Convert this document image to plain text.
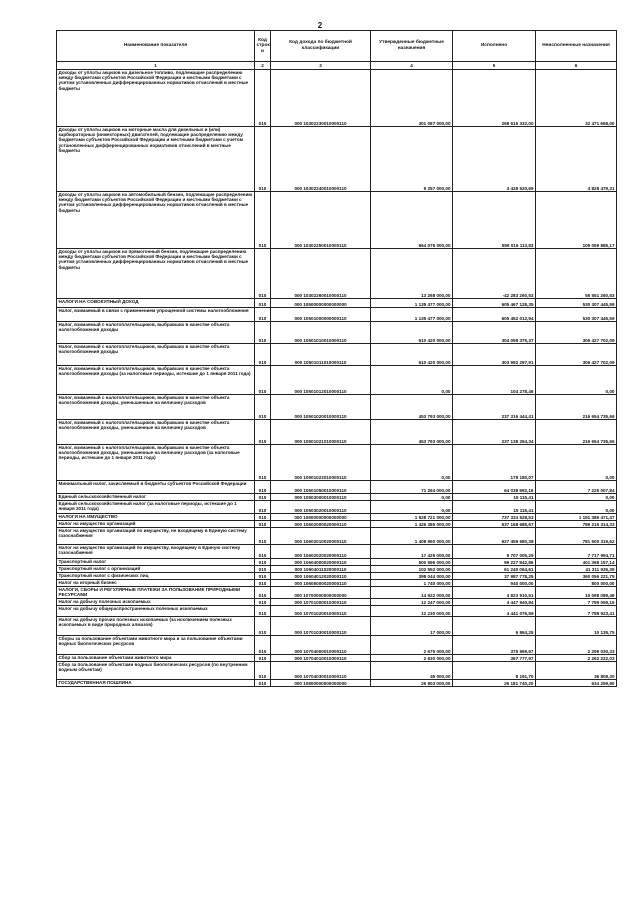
2
Наименование показателя	Код строк и	Код дохода по бюджетной классификации	Утвержденные бюджетные назначения	Исполнено	Неисполненные назначения
1	2	3	4	5	6
Доходы от уплаты акцизов на дизельное топливо, подлежащие распределению между бюджетами субъектов Российской Федерации и местными бюджетами с учетом установленных дифференцированных нормативов отчислений в местные бюджеты	010	000 10302230010000110	301 087 000,00	268 615 332,00	32 471 668,00
Доходы от уплаты акцизов на моторные масла для дизельных и (или) карбюраторных (инжекторных) двигателей, подлежащие распределению между бюджетами субъектов Российской Федерации и местными бюджетами с учетом установленных дифференцированных нормативов отчислений в местные бюджеты	010	000 10302240010000110	9 257 000,00	4 428 520,69	4 828 479,31
Доходы от уплаты акцизов на автомобильный бензин, подлежащие распределению между бюджетами субъектов Российской Федерации и местными бюджетами с учетом установленных дифференцированных нормативов отчислений в местные бюджеты	010	000 10302250010000110	664 076 000,00	559 016 113,83	105 059 886,17
Доходы от уплаты акцизов на прямогонный бензин, подлежащие распределению между бюджетами субъектов Российской Федерации и местными бюджетами с учетом установленных дифференцированных нормативов отчислений в местные бюджеты	010	000 10302260010000110	13 268 000,00	-42 283 260,53	55 551 260,53
НАЛОГИ НА СОВОКУПНЫЙ ДОХОД	010	000 10500000000000000	1 135 477 000,00	605 467 128,35	530 307 445,59
Налог, взимаемый в связи с применением упрощенной системы налогообложения	010	000 10501000000000110	1 135 477 000,00	605 452 012,94	530 307 445,59
Налог, взимаемый с налогоплательщиков, выбравших в качестве объекта налогообложения доходы	010	000 10501010010000110	610 420 000,00	304 098 375,37	306 427 702,09
Налог, взимаемый с налогоплательщиков, выбравших в качестве объекта налогообложения доходы	010	000 10501011010000110	610 420 000,00	303 992 297,91	306 427 702,09
Налог, взимаемый с налогоплательщиков, выбравших в качестве объекта налогообложения доходы (за налоговые периоды, истекшие до 1 января 2011 года)	010	000 10501012010000110	0,00	104 278,46	0,00
Налог, взимаемый с налогоплательщиков, выбравших в качестве объекта налогообложения доходы, уменьшенные на величину расходов	010	000 10501020010000110	453 793 000,00	237 316 444,41	216 654 735,66
Налог, взимаемый с налогоплательщиков, выбравших в качестве объекта налогообложения доходы, уменьшенные на величину расходов	010	000 10501021010000110	453 793 000,00	237 138 264,34	216 654 735,66
Налог, взимаемый с налогоплательщиков, выбравших в качестве объекта налогообложения доходы, уменьшенные на величину расходов (за налоговые периоды, истекшие до 1 января 2011 года)	010	000 10501022010000110	0,00	178 180,07	0,00
Минимальный налог, зачисляемый в бюджеты субъектов Российской Федерации	010	000 10501050010000110	71 264 000,00	64 038 992,16	7 225 007,84
Единый сельскохозяйственный налог	010	000 10503000010000110	0,00	15 115,41	0,00
Единый сельскохозяйственный налог (за налоговые периоды, истекшие до 1 января 2011 года)	010	000 10503020010000110	0,00	15 115,41	0,00
НАЛОГИ НА ИМУЩЕСТВО	010	000 10600000000000000	1 928 721 000,00	737 334 528,53	1 191 386 471,47
Налог на имущество организаций	010	000 10602000020000110	1 426 385 000,00	637 168 685,67	789 216 314,33
Налог на имущество организаций по имуществу, не входящему в Единую систему газоснабжения	010	000 10602010020000110	1 408 960 000,00	627 459 680,38	781 500 319,62
Налог на имущество организаций по имуществу, входящему в Единую систему газоснабжения	010	000 10602020020000110	17 425 000,00	9 707 005,29	7 717 994,71
Транспортный налог	010	000 10604000020000110	500 596 000,00	99 227 842,86	401 368 157,14
Транспортный налог с организаций	010	000 10604011020000110	102 552 000,00	61 240 064,61	41 311 935,39
Транспортный налог с физических лиц	010	000 10604012020000110	398 044 000,00	37 987 778,25	360 056 221,75
Налог на игорный бизнес	010	000 10605000020000110	1 740 000,00	940 000,00	800 000,00
НАЛОГИ, СБОРЫ И РЕГУЛЯРНЫЕ ПЛАТЕЖИ ЗА ПОЛЬЗОВАНИЕ ПРИРОДНЫМИ РЕСУРСАМИ	010	000 10700000000000000	14 922 000,00	4 823 910,51	10 098 089,49
Налог на добычу полезных ископаемых	010	000 10701000010000110	12 247 000,00	4 447 940,84	7 799 059,16
Налог на добычу общераспространенных полезных ископаемых	010	000 10701020010000110	12 230 000,00	4 441 076,59	7 788 923,41
Налог на добычу прочих полезных ископаемых (за исключением полезных ископаемых в виде природных алмазов)	010	000 10701030010000110	17 000,00	6 864,25	10 135,75
Сборы за пользование объектами животного мира и за пользование объектами водных биологических ресурсов	010	000 10704000010000110	2 675 000,00	375 969,67	2 299 030,33
Сбор за пользование объектами животного мира	010	000 10704010010000110	2 630 000,00	367 777,97	2 262 222,03
Сбор за пользование объектами водных биологических ресурсов (по внутренним водным объектам)	010	000 10704030010000110	45 000,00	8 191,70	36 808,30
ГОСУДАРСТВЕННАЯ ПОШЛИНА	010	000 10800000000000000	26 803 000,00	26 181 740,20	634 259,80
